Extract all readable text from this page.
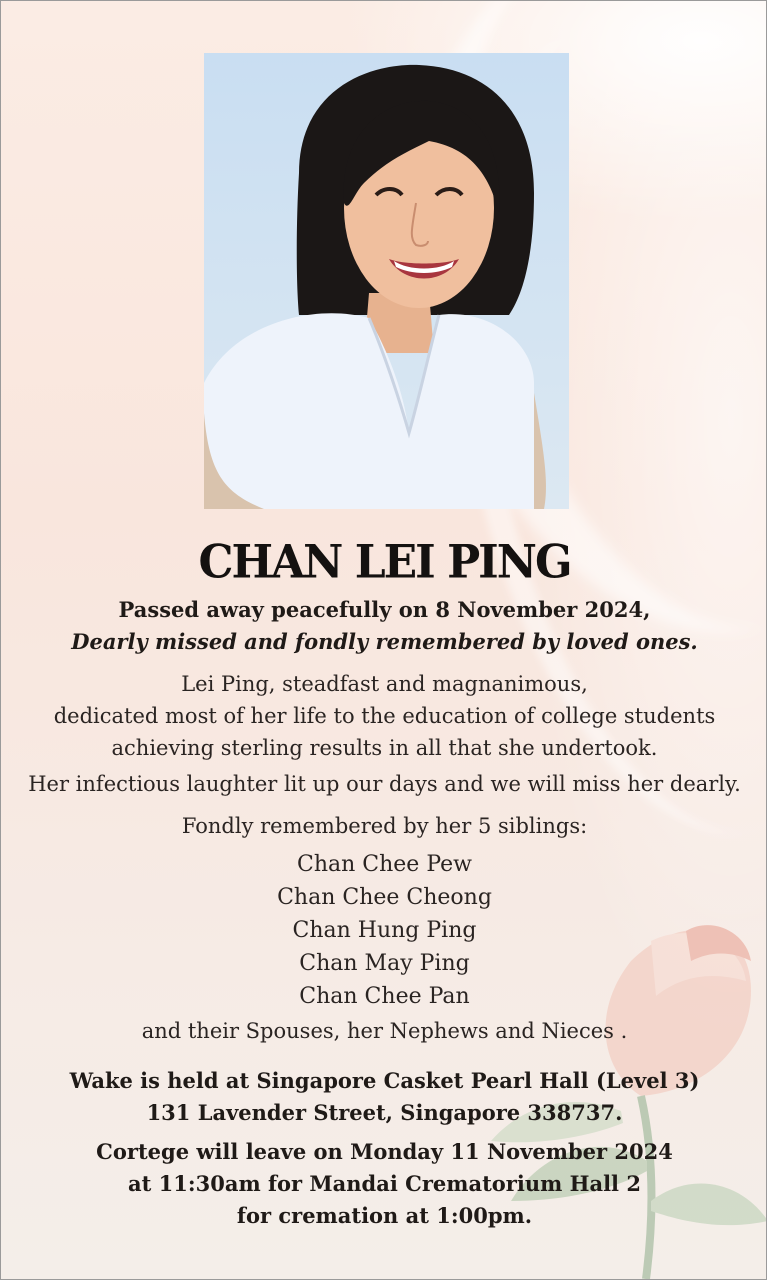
CHAN LEI PING
Passed away peacefully on 8 November 2024,
Dearly missed and fondly remembered by loved ones.
Lei Ping, steadfast and magnanimous,
dedicated most of her life to the education of college students
achieving sterling results in all that she undertook.
Her infectious laughter lit up our days and we will miss her dearly.
Fondly remembered by her 5 siblings:
Chan Chee Pew
Chan Chee Cheong
Chan Hung Ping
Chan May Ping
Chan Chee Pan
and their Spouses, her Nephews and Nieces .
Wake is held at Singapore Casket Pearl Hall (Level 3)
131 Lavender Street, Singapore 338737.
Cortege will leave on Monday 11 November 2024
at 11:30am for Mandai Crematorium Hall 2
for cremation at 1:00pm.
